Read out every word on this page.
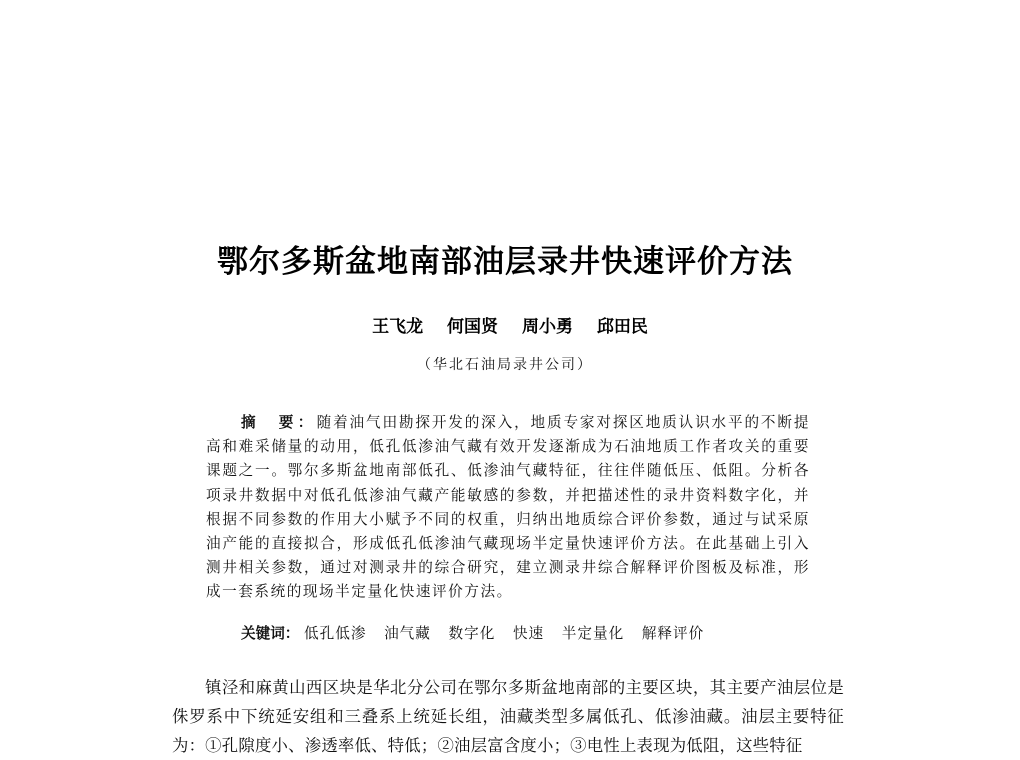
鄂尔多斯盆地南部油层录井快速评价方法
王飞龙 何国贤 周小勇 邱田民
（华北石油局录井公司）
摘　要：随着油气田勘探开发的深入，地质专家对探区地质认识水平的不断提高和难采储量的动用，低孔低渗油气藏有效开发逐渐成为石油地质工作者攻关的重要课题之一。鄂尔多斯盆地南部低孔、低渗油气藏特征，往往伴随低压、低阻。分析各项录井数据中对低孔低渗油气藏产能敏感的参数，并把描述性的录井资料数字化，并根据不同参数的作用大小赋予不同的权重，归纳出地质综合评价参数，通过与试采原油产能的直接拟合，形成低孔低渗油气藏现场半定量快速评价方法。在此基础上引入测井相关参数，通过对测录井的综合研究，建立测录井综合解释评价图板及标准，形成一套系统的现场半定量化快速评价方法。
关键词： 低孔低渗 油气藏 数字化 快速 半定量化 解释评价
镇泾和麻黄山西区块是华北分公司在鄂尔多斯盆地南部的主要区块，其主要产油层位是侏罗系中下统延安组和三叠系上统延长组，油藏类型多属低孔、低渗油藏。油层主要特征为：①孔隙度小、渗透率低、特低；②油层富含度小；③电性上表现为低阻，这些特征
